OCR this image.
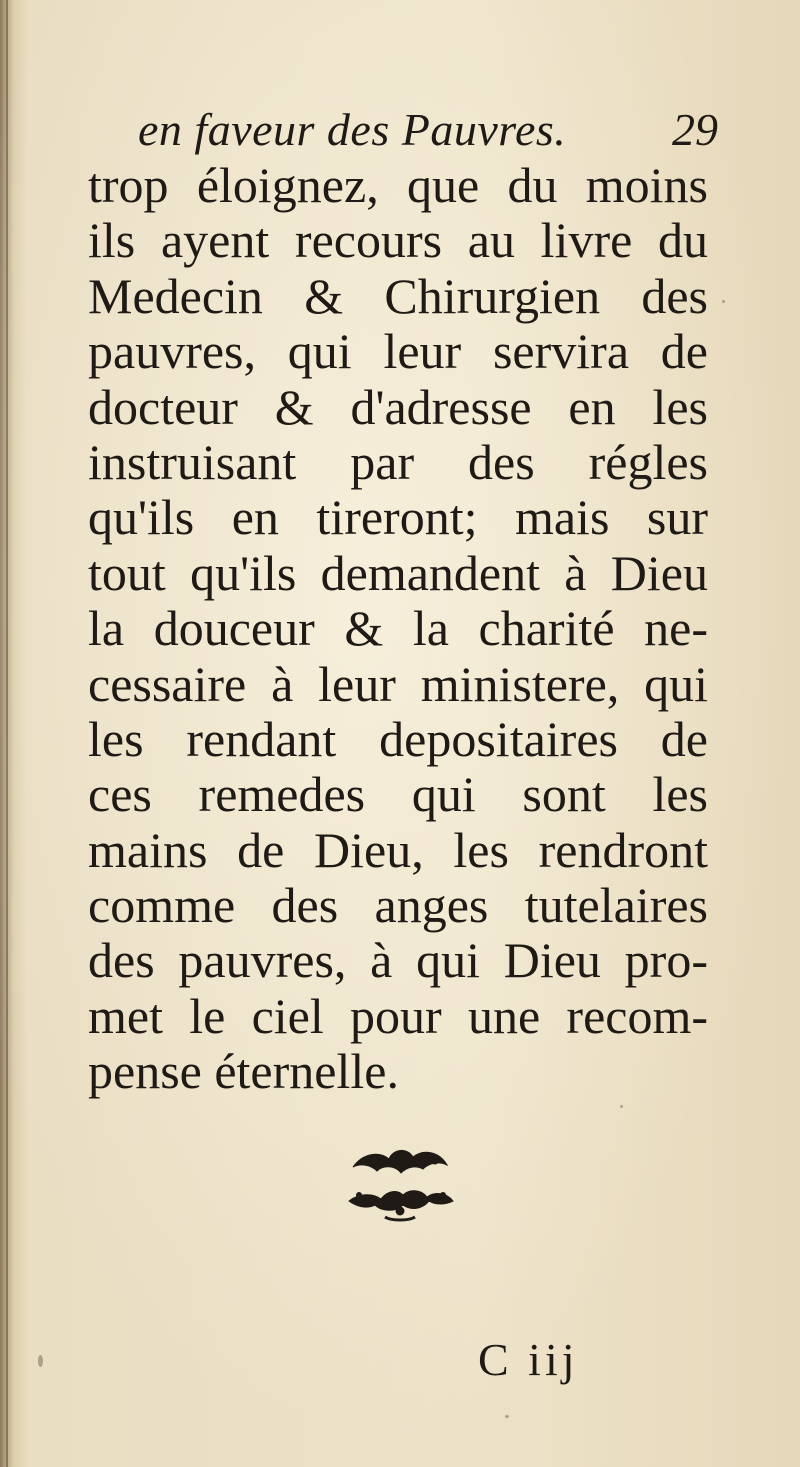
en faveur des Pauvres. 29
trop éloignez, que du moins
ils ayent recours au livre du
Medecin & Chirurgien des
pauvres, qui leur servira de
docteur & d'adresse en les
instruisant par des régles
qu'ils en tireront; mais sur
tout qu'ils demandent à Dieu
la douceur & la charité ne-
cessaire à leur ministere, qui
les rendant depositaires de
ces remedes qui sont les
mains de Dieu, les rendront
comme des anges tutelaires
des pauvres, à qui Dieu pro-
met le ciel pour une recom-
pense éternelle.
C iij
